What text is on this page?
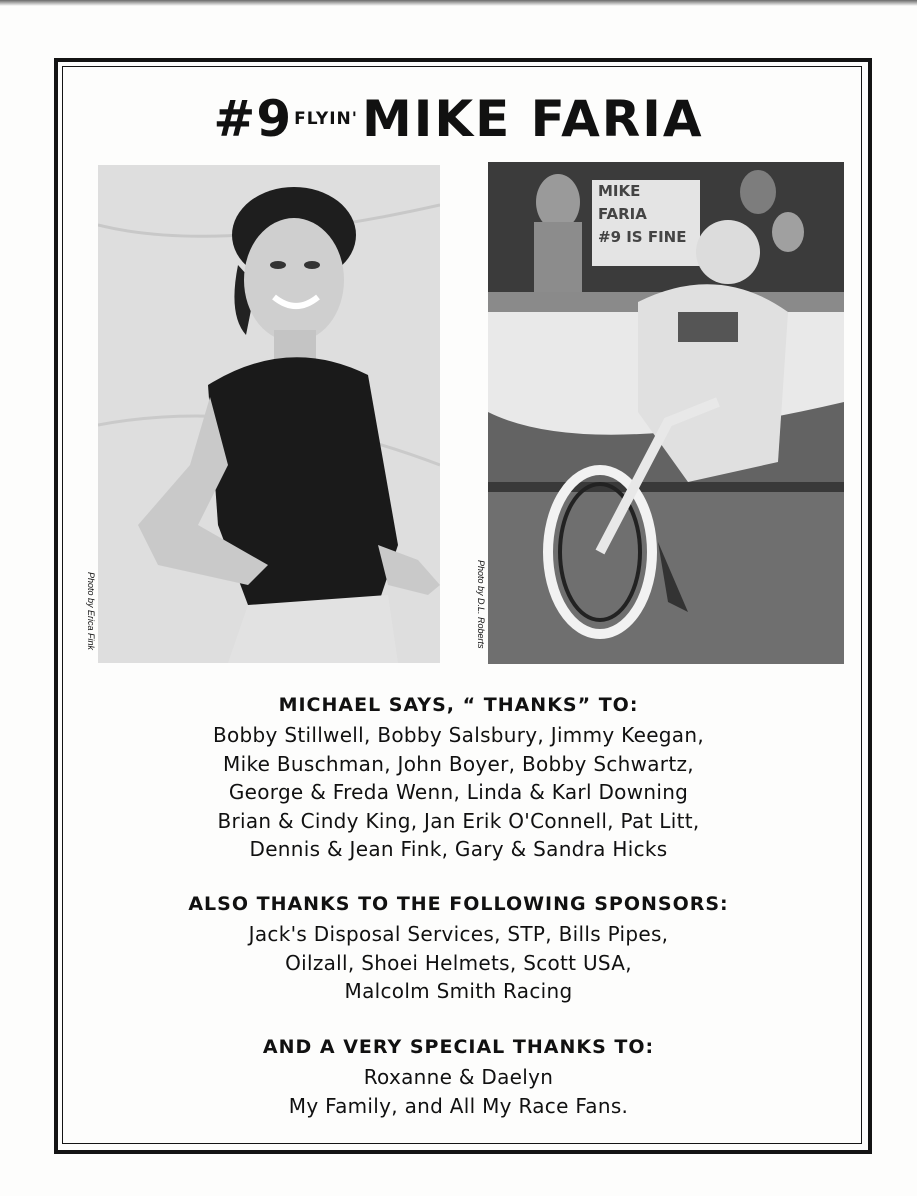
#9 FLYIN'MIKE FARIA
Photo by Erica Fink
MIKE
FARIA
#9 IS FINE
Photo by D.L. Roberts
MICHAEL SAYS, “ THANKS” TO:
Bobby Stillwell, Bobby Salsbury, Jimmy Keegan,
Mike Buschman, John Boyer, Bobby Schwartz,
George & Freda Wenn, Linda & Karl Downing
Brian & Cindy King, Jan Erik O'Connell, Pat Litt,
Dennis & Jean Fink, Gary & Sandra Hicks
ALSO THANKS TO THE FOLLOWING SPONSORS:
Jack's Disposal Services, STP, Bills Pipes,
Oilzall, Shoei Helmets, Scott USA,
Malcolm Smith Racing
AND A VERY SPECIAL THANKS TO:
Roxanne & Daelyn
My Family, and All My Race Fans.
